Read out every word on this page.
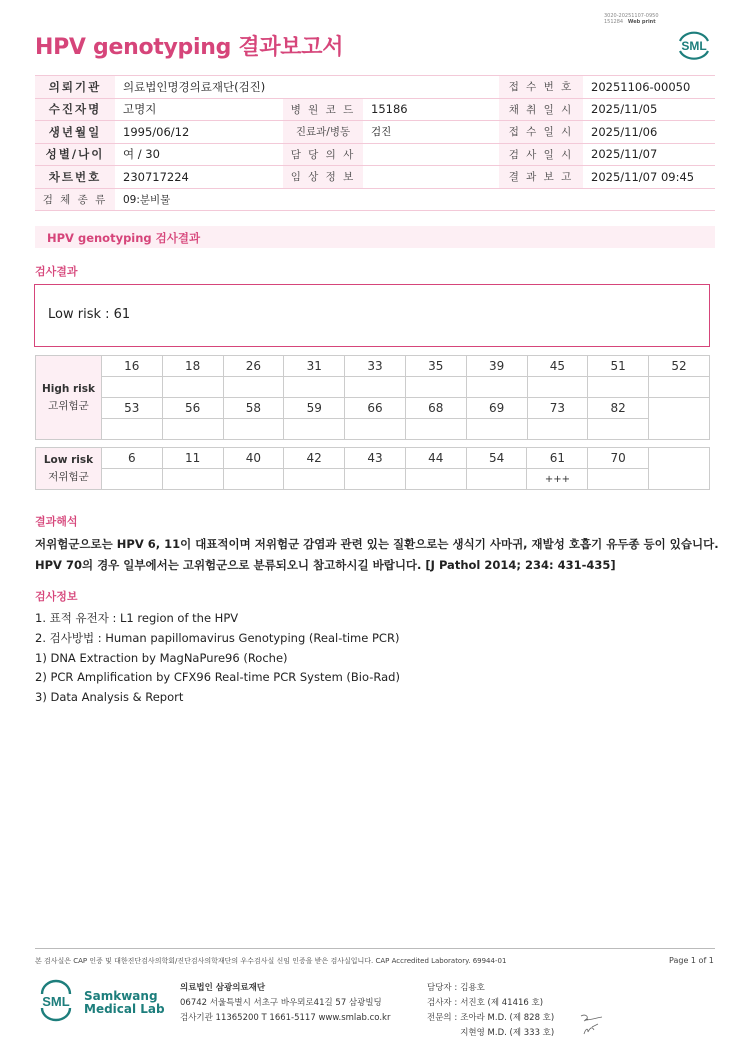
3020-20251107-0950
151284 Web print
HPV genotyping 결과보고서	SML
의뢰기관	의료법인명경의료재단(검진)			접 수 번 호	20251106-00050
수진자명	고명지	병 원 코 드	15186	채 취 일 시	2025/11/05
생년월일	1995/06/12	진료과/병동	검진	접 수 일 시	2025/11/06
성별/나이	여 / 30	담 당 의 사		검 사 일 시	2025/11/07
차트번호	230717224	임 상 정 보		결 과 보 고	2025/11/07 09:45
검 체 종 류	09:분비물				
HPV genotyping 검사결과
검사결과
Low risk : 61
High risk
고위험군	16	18	26	31	33	35	39	45	51	52

	53	56	58	59	66	68	69	73	82	

Low risk
저위험군	6	11	40	42	43	44	54	61	70	
								+++		
결과해석
저위험군으로는 HPV 6, 11이 대표적이며 저위험군 감염과 관련 있는 질환으로는 생식기 사마귀, 재발성 호흡기 유두종 등이 있습니다.
HPV 70의 경우 일부에서는 고위험군으로 분류되오니 참고하시길 바랍니다. [J Pathol 2014; 234: 431-435]
검사정보
1. 표적 유전자 : L1 region of the HPV
2. 검사방법 : Human papillomavirus Genotyping (Real-time PCR)
1) DNA Extraction by MagNaPure96 (Roche)
2) PCR Amplification by CFX96 Real-time PCR System (Bio-Rad)
3) Data Analysis & Report
본 검사실은 CAP 인증 및 대한진단검사의학회/진단검사의학재단의 우수검사실 신임 인증을 받은 검사실입니다. CAP Accredited Laboratory. 69944-01	Page 1 of 1
SML Samkwang
Medical Lab
의료법인 삼광의료재단
06742 서울특별시 서초구 바우뫼로41길 57 삼광빌딩
검사기관 11365200 T 1661-5117 www.smlab.co.kr
담당자 :	김용호
검사자 :	서진호 (제 41416 호)
전문의 :	조아라 M.D. (제 828 호)
	지현영 M.D. (제 333 호)
